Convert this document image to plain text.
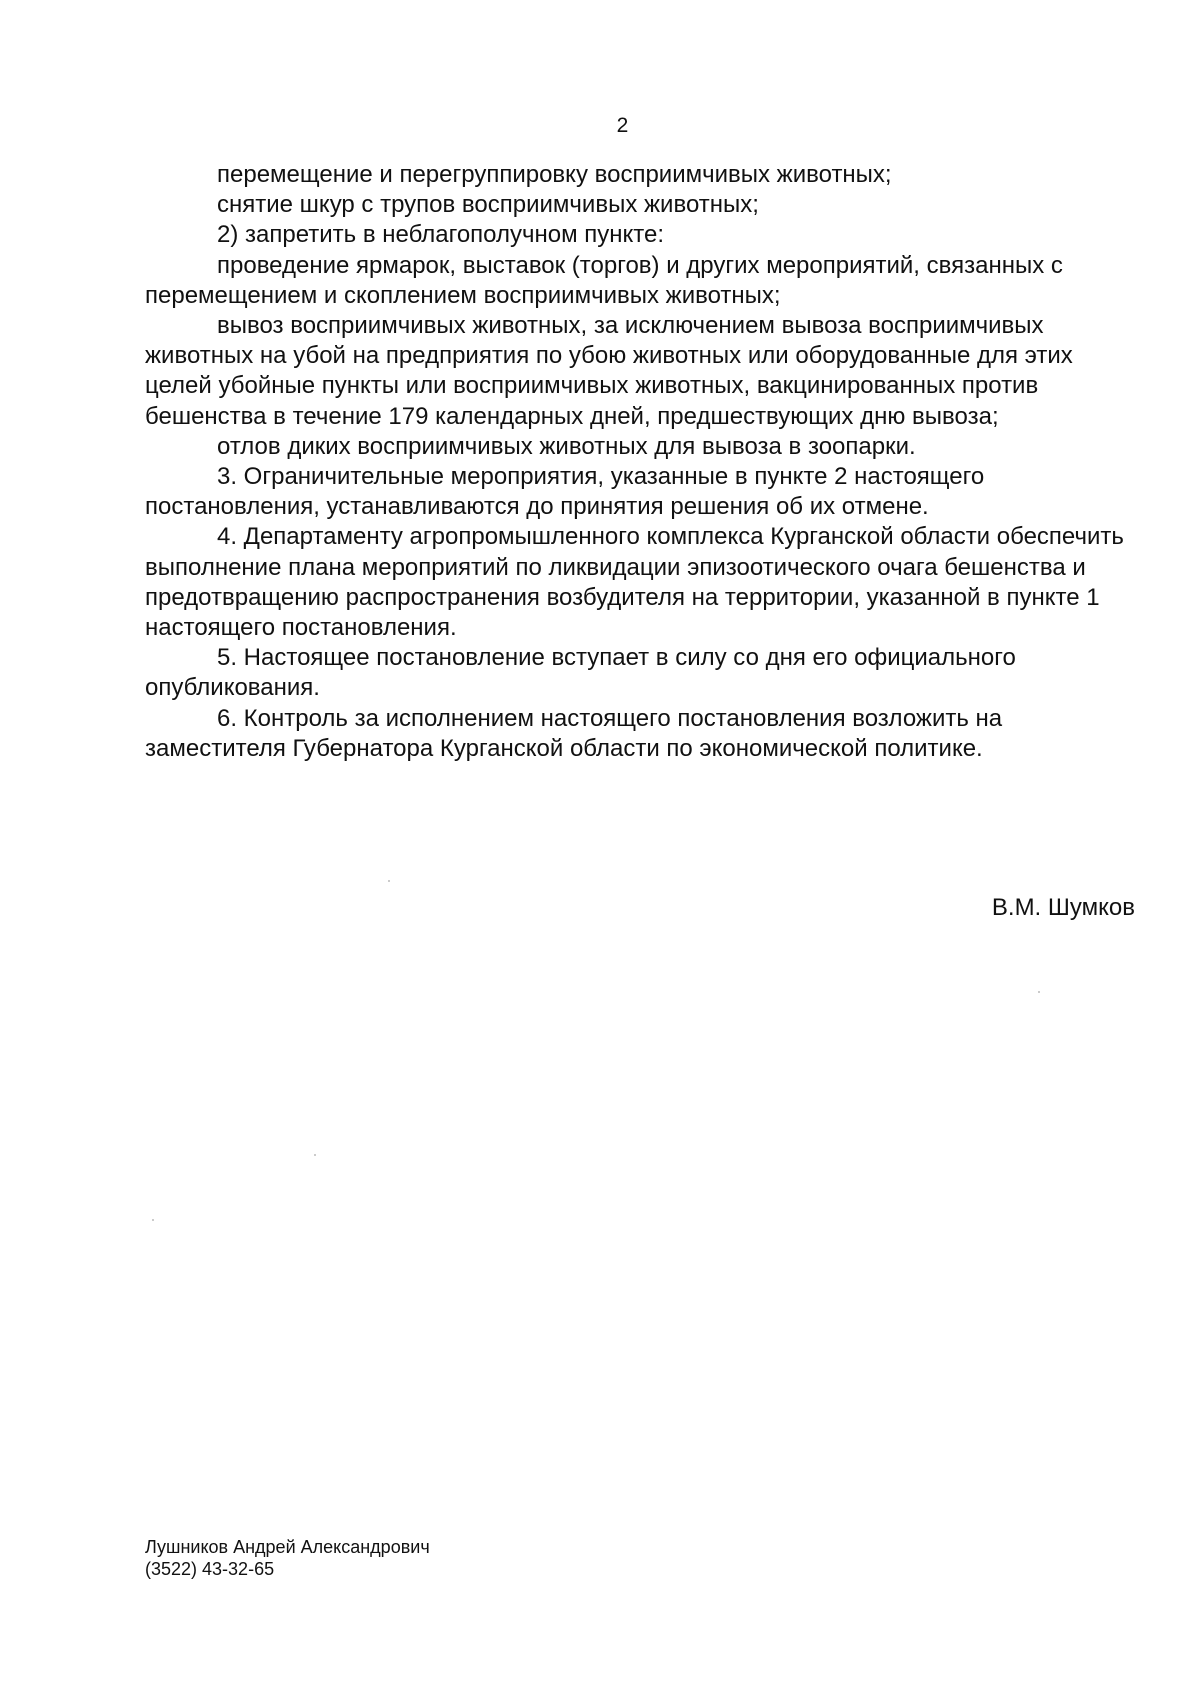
2

перемещение и перегруппировку восприимчивых животных;

снятие шкур с трупов восприимчивых животных;

2) запретить в неблагополучном пункте:

проведение ярмарок, выставок (торгов) и других мероприятий, связанных с перемещением и скоплением восприимчивых животных;

вывоз восприимчивых животных, за исключением вывоза восприимчивых животных на убой на предприятия по убою животных или оборудованные для этих целей убойные пункты или восприимчивых животных, вакцинированных против бешенства в течение 179 календарных дней, предшествующих дню вывоза;

отлов диких восприимчивых животных для вывоза в зоопарки.

3. Ограничительные мероприятия, указанные в пункте 2 настоящего постановления, устанавливаются до принятия решения об их отмене.

4. Департаменту агропромышленного комплекса Курганской области обеспечить выполнение плана мероприятий по ликвидации эпизоотического очага бешенства и предотвращению распространения возбудителя на территории, указанной в пункте 1 настоящего постановления.

5. Настоящее постановление вступает в силу со дня его официального опубликования.

6. Контроль за исполнением настоящего постановления возложить на заместителя Губернатора Курганской области по экономической политике.

В.М. Шумков
Лушников Андрей Александрович
(3522) 43-32-65
